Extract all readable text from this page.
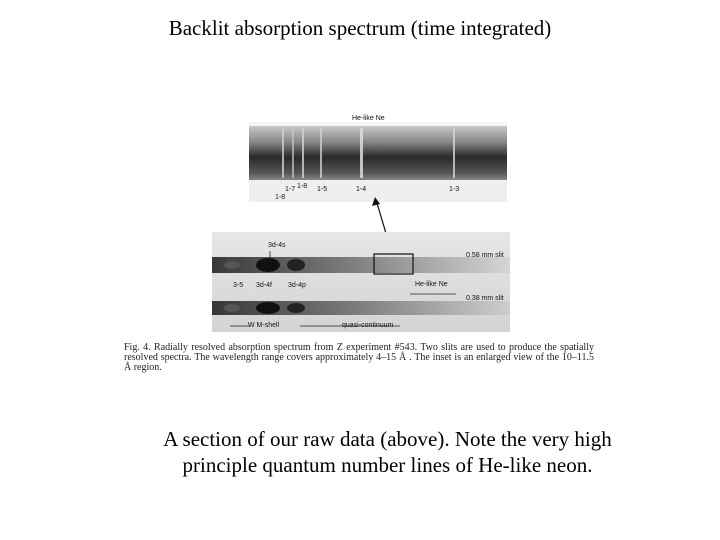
Backlit absorption spectrum (time integrated)
He-like Ne
1-7 1-8
1-8
1-5	1-4	1-3
3d-4s
3-5 3d-4f 3d-4p
0.58 mm slit
0.38 mm slit
He-like Ne
W M-shell	quasi-continuum
Fig. 4. Radially resolved absorption spectrum from Z experiment #543. Two slits are used to produce the spatially resolved spectra. The wavelength range covers approximately 4–15 Å . The inset is an enlarged view of the 10–11.5 Å region.
A section of our raw data (above). Note the very high principle quantum number lines of He-like neon.
